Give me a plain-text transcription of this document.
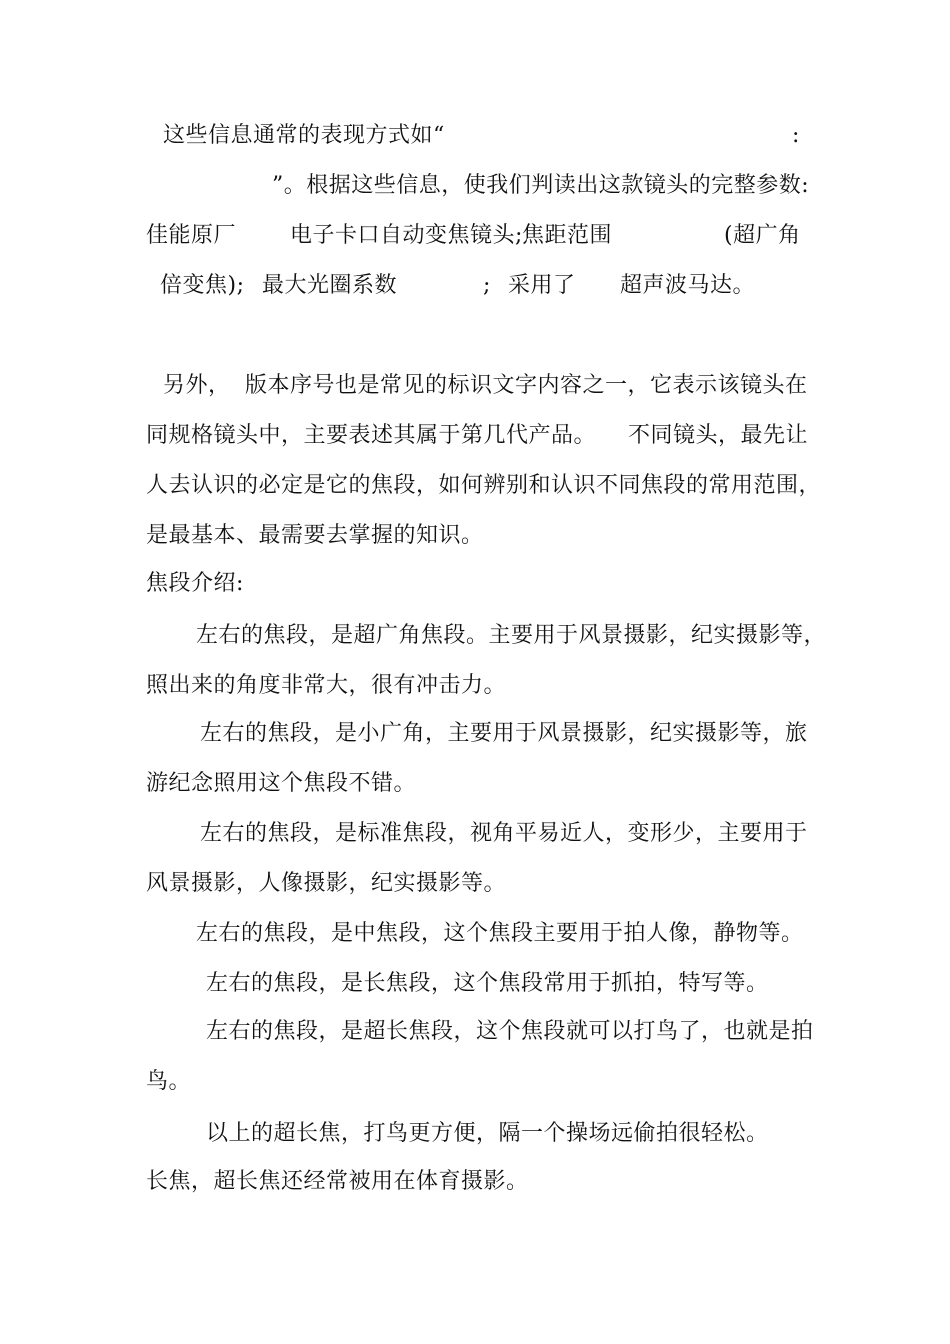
这些信息通常的表现方式如“	:
”。根据这些信息，使我们判读出这款镜头的完整参数:
佳能原厂 电子卡口自动变焦镜头; 焦距范围	(超广角
倍变焦); 最大光圈系数	; 采用了 超声波马达。
另外， 版本序号也是常见的标识文字内容之一，它表示该镜头在
同规格镜头中，主要表述其属于第几代产品。 不同镜头，最先让
人去认识的必定是它的焦段，如何辨别和认识不同焦段的常用范围，
是最基本、最需要去掌握的知识。
焦段介绍:
左右的焦段，是超广角焦段。主要用于风景摄影，纪实摄影等，
照出来的角度非常大，很有冲击力。
左右的焦段，是小广角，主要用于风景摄影，纪实摄影等，旅
游纪念照用这个焦段不错。
左右的焦段，是标准焦段，视角平易近人，变形少，主要用于
风景摄影，人像摄影，纪实摄影等。
左右的焦段，是中焦段，这个焦段主要用于拍人像，静物等。
左右的焦段，是长焦段，这个焦段常用于抓拍，特写等。
左右的焦段，是超长焦段，这个焦段就可以打鸟了，也就是拍
鸟。
以上的超长焦，打鸟更方便，隔一个操场远偷拍很轻松。
长焦，超长焦还经常被用在体育摄影。
